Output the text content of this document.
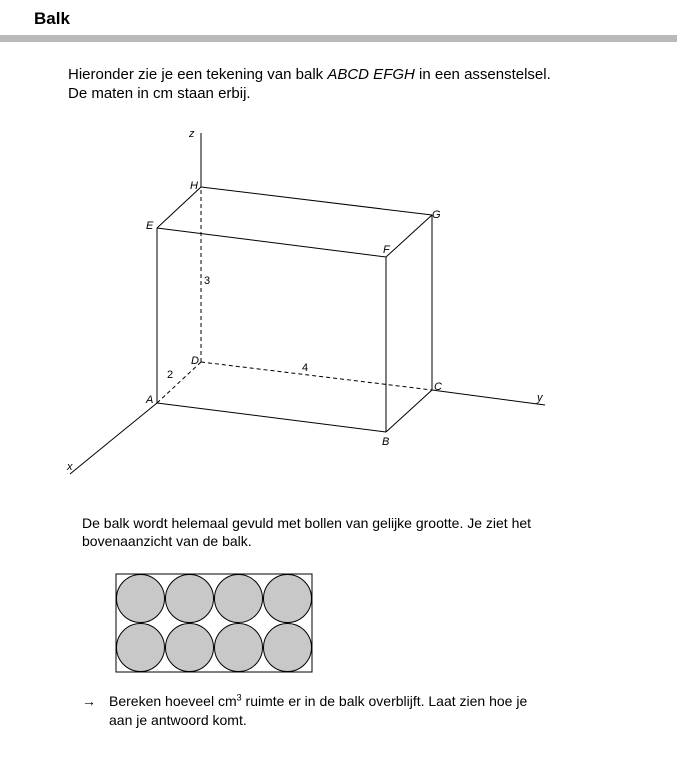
Balk

Hieronder zie je een tekening van balk ABCD EFGH in een assenstelsel.
De maten in cm staan erbij.

z
x
y
A
B
C
D
E
F
G
H
2
4
3

De balk wordt helemaal gevuld met bollen van gelijke grootte. Je ziet het
bovenaanzicht van de balk.

→ Bereken hoeveel $cm^3$ ruimte er in de balk overblijft. Laat zien hoe je
aan je antwoord komt.
